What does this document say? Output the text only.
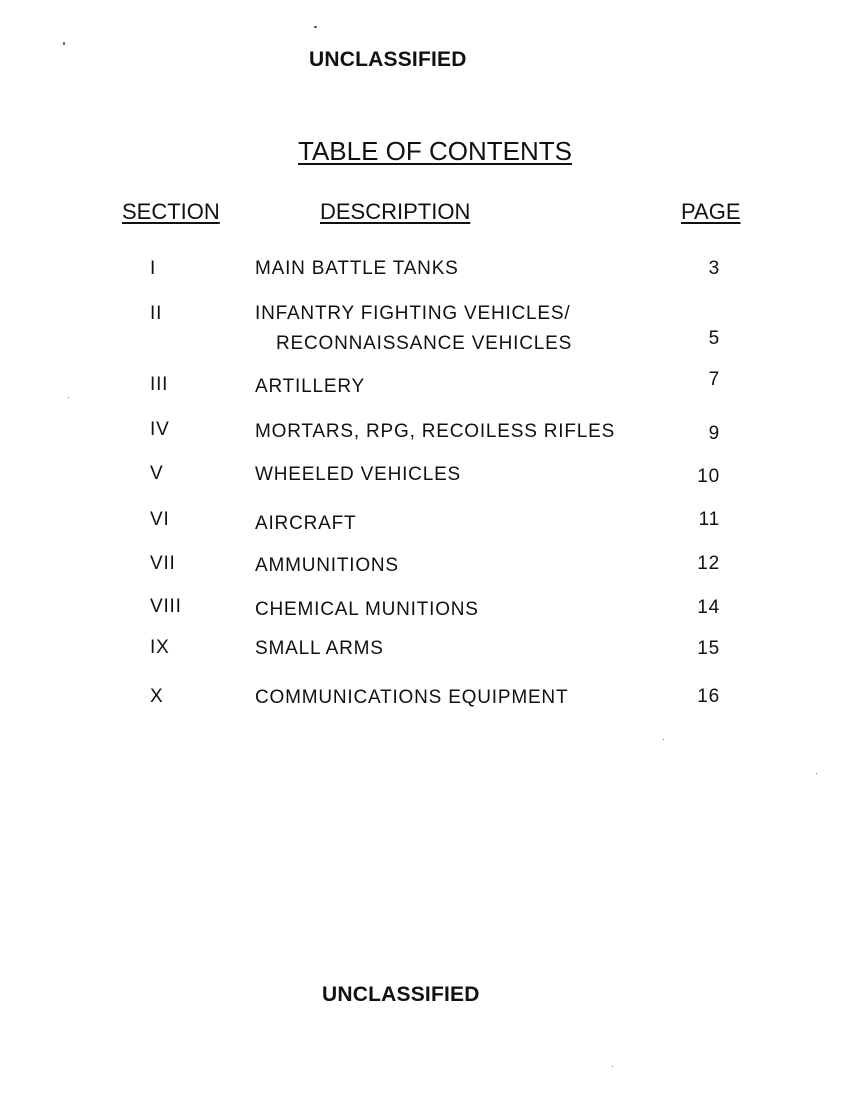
UNCLASSIFIED
TABLE OF CONTENTS
SECTION	DESCRIPTION	PAGE
I	MAIN BATTLE TANKS	3
II	INFANTRY FIGHTING VEHICLES/
RECONNAISSANCE VEHICLES	5
III	ARTILLERY	7
IV	MORTARS, RPG, RECOILESS RIFLES	9
V	WHEELED VEHICLES	10
VI	AIRCRAFT	11
VII	AMMUNITIONS	12
VIII	CHEMICAL MUNITIONS	14
IX	SMALL ARMS	15
X	COMMUNICATIONS EQUIPMENT	16
UNCLASSIFIED
